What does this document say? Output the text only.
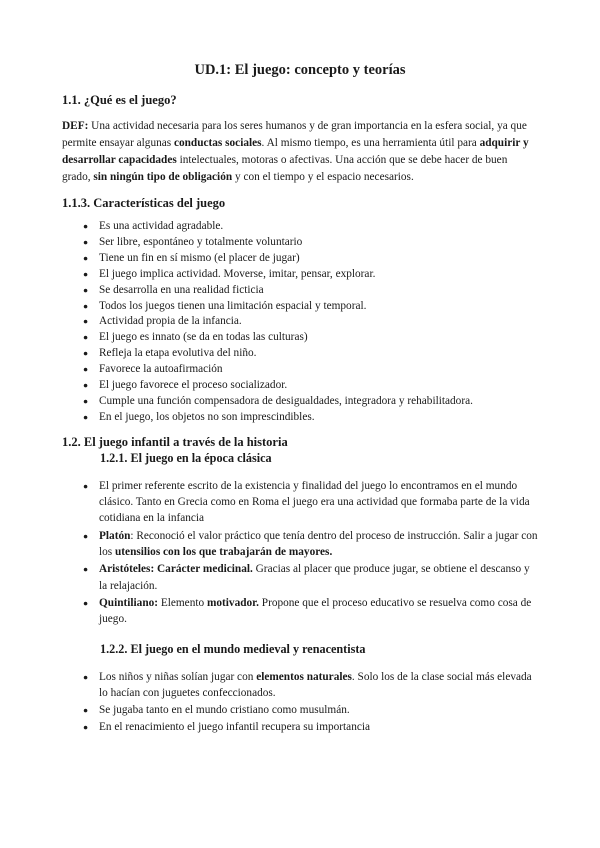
UD.1: El juego: concepto y teorías
1.1. ¿Qué es el juego?

DEF: Una actividad necesaria para los seres humanos y de gran importancia en la esfera social, ya que permite ensayar algunas conductas sociales. Al mismo tiempo, es una herramienta útil para adquirir y desarrollar capacidades intelectuales, motoras o afectivas. Una acción que se debe hacer de buen grado, sin ningún tipo de obligación y con el tiempo y el espacio necesarios.

1.1.3. Características del juego
● Es una actividad agradable.
● Ser libre, espontáneo y totalmente voluntario
● Tiene un fin en sí mismo (el placer de jugar)
● El juego implica actividad. Moverse, imitar, pensar, explorar.
● Se desarrolla en una realidad ficticia
● Todos los juegos tienen una limitación espacial y temporal.
● Actividad propia de la infancia.
● El juego es innato (se da en todas las culturas)
● Refleja la etapa evolutiva del niño.
● Favorece la autoafirmación
● El juego favorece el proceso socializador.
● Cumple una función compensadora de desigualdades, integradora y rehabilitadora.
● En el juego, los objetos no son imprescindibles.
1.2. El juego infantil a través de la historia
1.2.1. El juego en la época clásica
● El primer referente escrito de la existencia y finalidad del juego lo encontramos en el mundo clásico. Tanto en Grecia como en Roma el juego era una actividad que formaba parte de la vida cotidiana en la infancia
● Platón: Reconoció el valor práctico que tenía dentro del proceso de instrucción. Salir a jugar con los utensilios con los que trabajarán de mayores.
● Aristóteles: Carácter medicinal. Gracias al placer que produce jugar, se obtiene el descanso y la relajación.
● Quintiliano: Elemento motivador. Propone que el proceso educativo se resuelva como cosa de juego.
1.2.2. El juego en el mundo medieval y renacentista
● Los niños y niñas solían jugar con elementos naturales. Solo los de la clase social más elevada lo hacían con juguetes confeccionados.
● Se jugaba tanto en el mundo cristiano como musulmán.
● En el renacimiento el juego infantil recupera su importancia
